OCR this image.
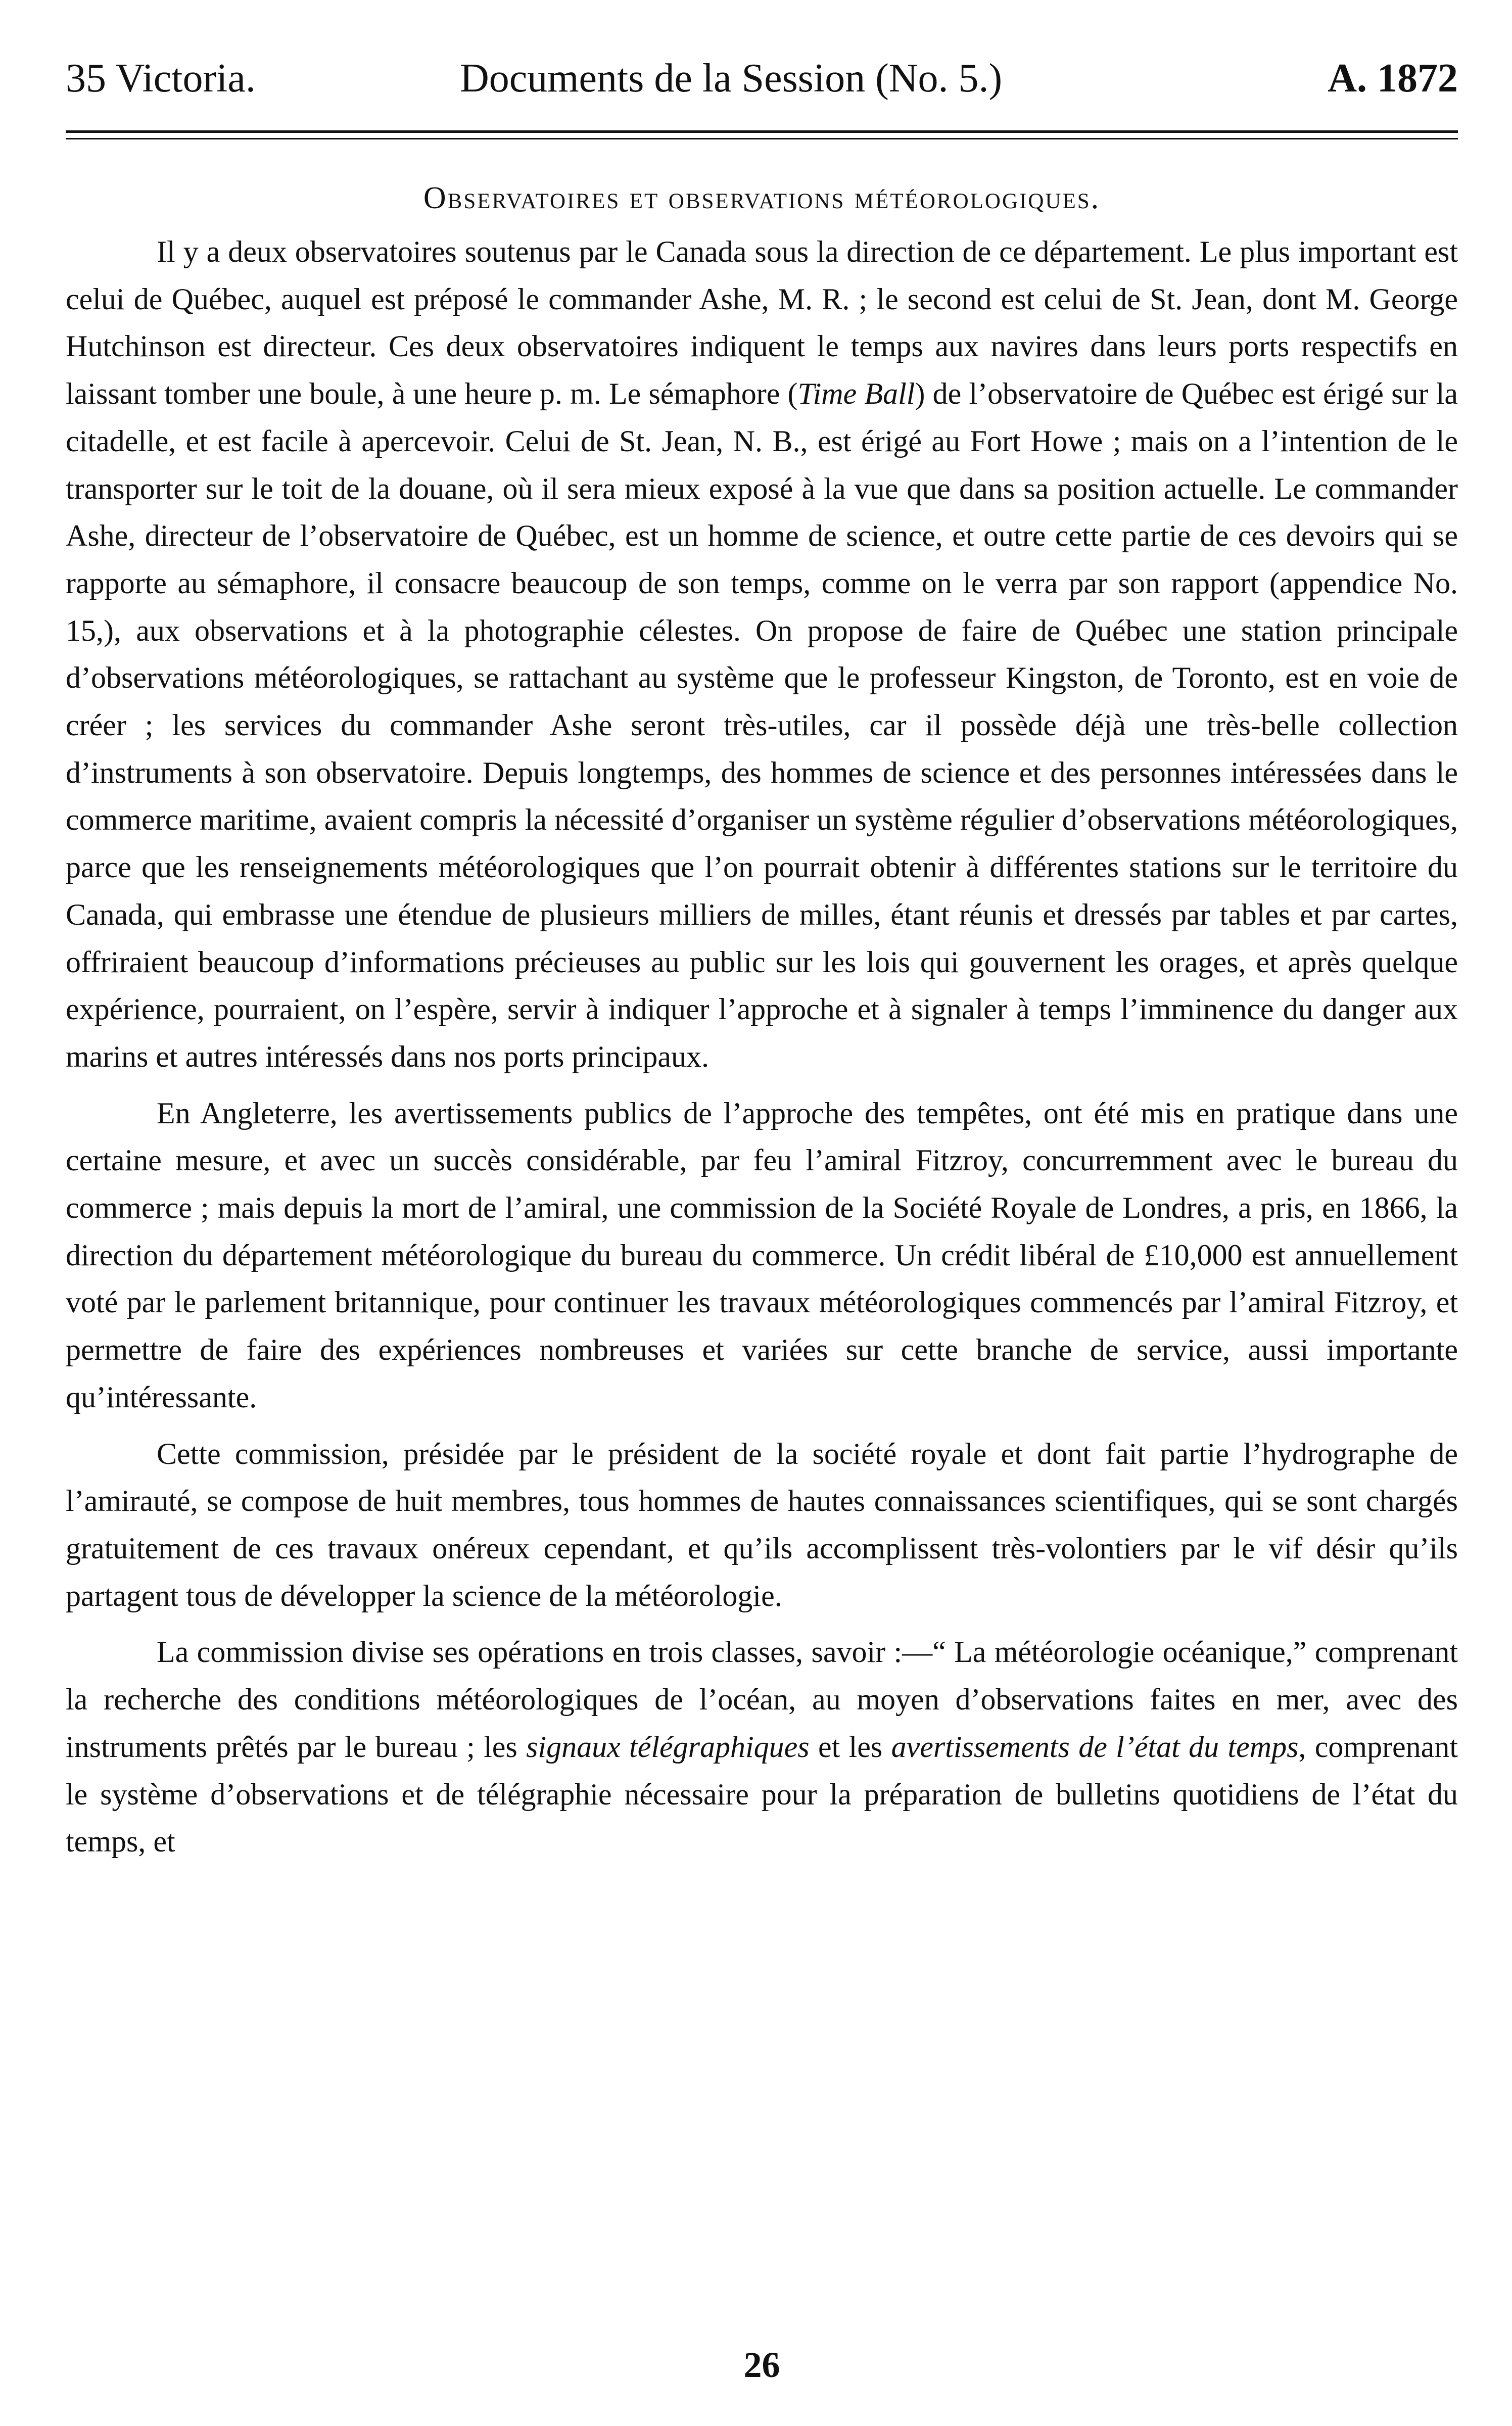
35 Victoria.	Documents de la Session (No. 5.)	A. 1872
Observatoires et observations météorologiques.

Il y a deux observatoires soutenus par le Canada sous la direction de ce département. Le plus important est celui de Québec, auquel est préposé le commander Ashe, M. R. ; le second est celui de St. Jean, dont M. George Hutchinson est directeur. Ces deux observatoires indiquent le temps aux navires dans leurs ports respectifs en laissant tomber une boule, à une heure p. m. Le sémaphore (Time Ball) de l’observatoire de Québec est érigé sur la citadelle, et est facile à apercevoir. Celui de St. Jean, N. B., est érigé au Fort Howe ; mais on a l’intention de le transporter sur le toit de la douane, où il sera mieux exposé à la vue que dans sa position actuelle. Le commander Ashe, directeur de l’observatoire de Québec, est un homme de science, et outre cette partie de ces devoirs qui se rapporte au sémaphore, il consacre beaucoup de son temps, comme on le verra par son rapport (appendice No. 15,), aux observations et à la photographie célestes. On propose de faire de Québec une station principale d’observations météorologiques, se rattachant au système que le professeur Kingston, de Toronto, est en voie de créer ; les services du commander Ashe seront très-utiles, car il possède déjà une très-belle collection d’instruments à son observatoire. Depuis longtemps, des hommes de science et des personnes intéressées dans le commerce maritime, avaient compris la nécessité d’organiser un système régulier d’observations météorologiques, parce que les renseignements météorologiques que l’on pourrait obtenir à différentes stations sur le territoire du Canada, qui embrasse une étendue de plusieurs milliers de milles, étant réunis et dressés par tables et par cartes, offriraient beaucoup d’informations précieuses au public sur les lois qui gouvernent les orages, et après quelque expérience, pourraient, on l’espère, servir à indiquer l’approche et à signaler à temps l’imminence du danger aux marins et autres intéressés dans nos ports principaux.

En Angleterre, les avertissements publics de l’approche des tempêtes, ont été mis en pratique dans une certaine mesure, et avec un succès considérable, par feu l’amiral Fitzroy, concurremment avec le bureau du commerce ; mais depuis la mort de l’amiral, une commission de la Société Royale de Londres, a pris, en 1866, la direction du département météorologique du bureau du commerce. Un crédit libéral de £10,000 est annuellement voté par le parlement britannique, pour continuer les travaux météorologiques commencés par l’amiral Fitzroy, et permettre de faire des expériences nombreuses et variées sur cette branche de service, aussi importante qu’intéressante.

Cette commission, présidée par le président de la société royale et dont fait partie l’hydrographe de l’amirauté, se compose de huit membres, tous hommes de hautes connaissances scientifiques, qui se sont chargés gratuitement de ces travaux onéreux cependant, et qu’ils accomplissent très-volontiers par le vif désir qu’ils partagent tous de développer la science de la météorologie.

La commission divise ses opérations en trois classes, savoir :—“ La météorologie océanique,” comprenant la recherche des conditions météorologiques de l’océan, au moyen d’observations faites en mer, avec des instruments prêtés par le bureau ; les signaux télégraphiques et les avertissements de l’état du temps, comprenant le système d’observations et de télégraphie nécessaire pour la préparation de bulletins quotidiens de l’état du temps, et

26
